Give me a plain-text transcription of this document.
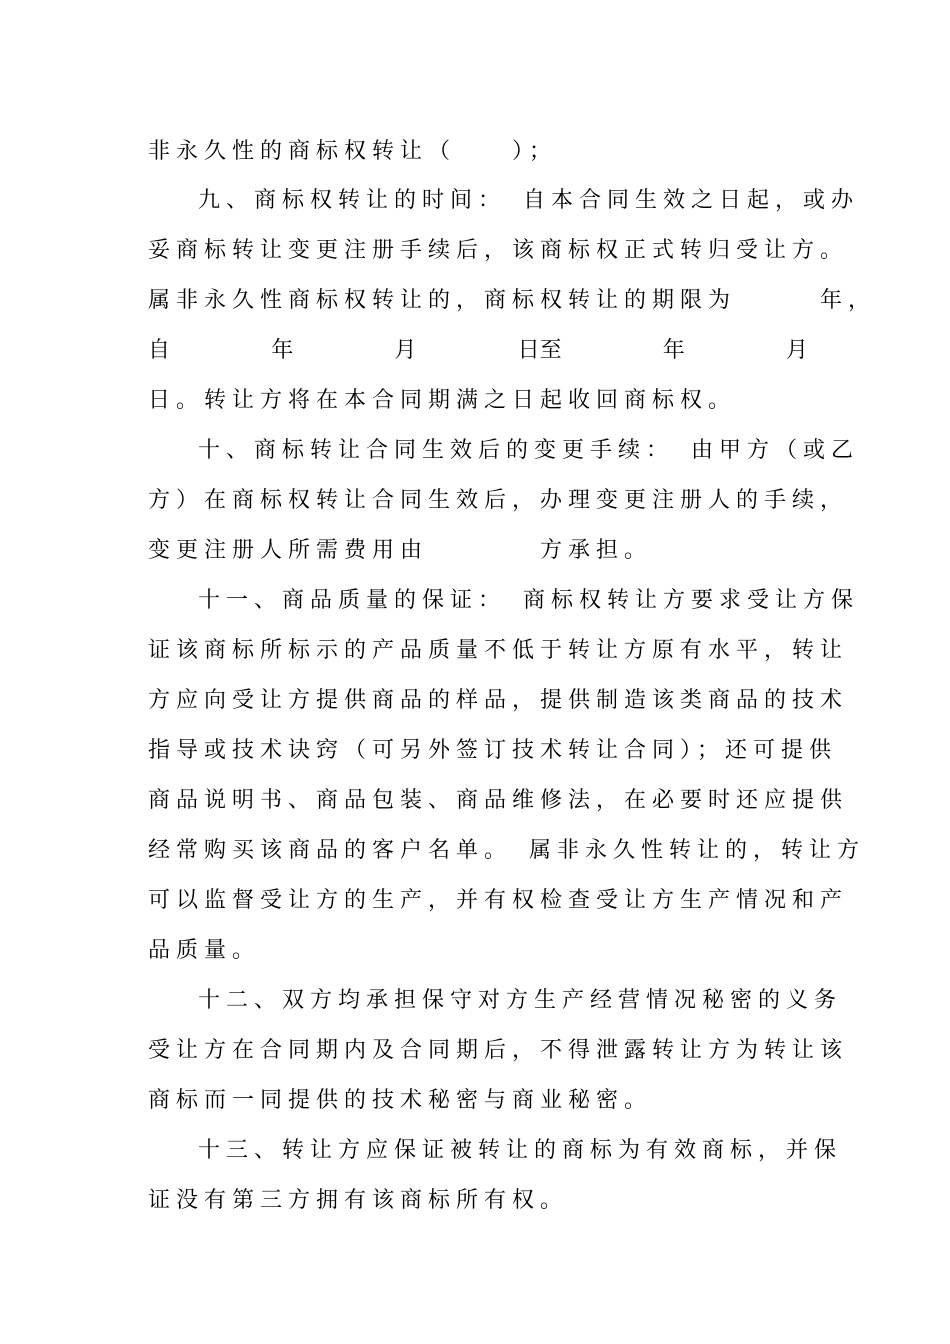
非永久性的商标权转让（　　）；
九、商标权转让的时间：　自本合同生效之日起，或办
妥商标转让变更注册手续后，该商标权正式转归受让方。
属非永久性商标权转让的，商标权转让的期限为　　　年，
自	年	月	日至	年	月
日。转让方将在本合同期满之日起收回商标权。
十、商标转让合同生效后的变更手续：　由甲方（或乙
方）在商标权转让合同生效后，办理变更注册人的手续，
变更注册人所需费用由　　　　方承担。
十一、商品质量的保证：　商标权转让方要求受让方保
证该商标所标示的产品质量不低于转让方原有水平，转让
方应向受让方提供商品的样品，提供制造该类商品的技术
指导或技术诀窍（可另外签订技术转让合同）；还可提供
商品说明书、商品包装、商品维修法，在必要时还应提供
经常购买该商品的客户名单。　属非永久性转让的，转让方
可以监督受让方的生产，并有权检查受让方生产情况和产
品质量。
十二、双方均承担保守对方生产经营情况秘密的义务
受让方在合同期内及合同期后，不得泄露转让方为转让该
商标而一同提供的技术秘密与商业秘密。
十三、转让方应保证被转让的商标为有效商标，并保
证没有第三方拥有该商标所有权。
